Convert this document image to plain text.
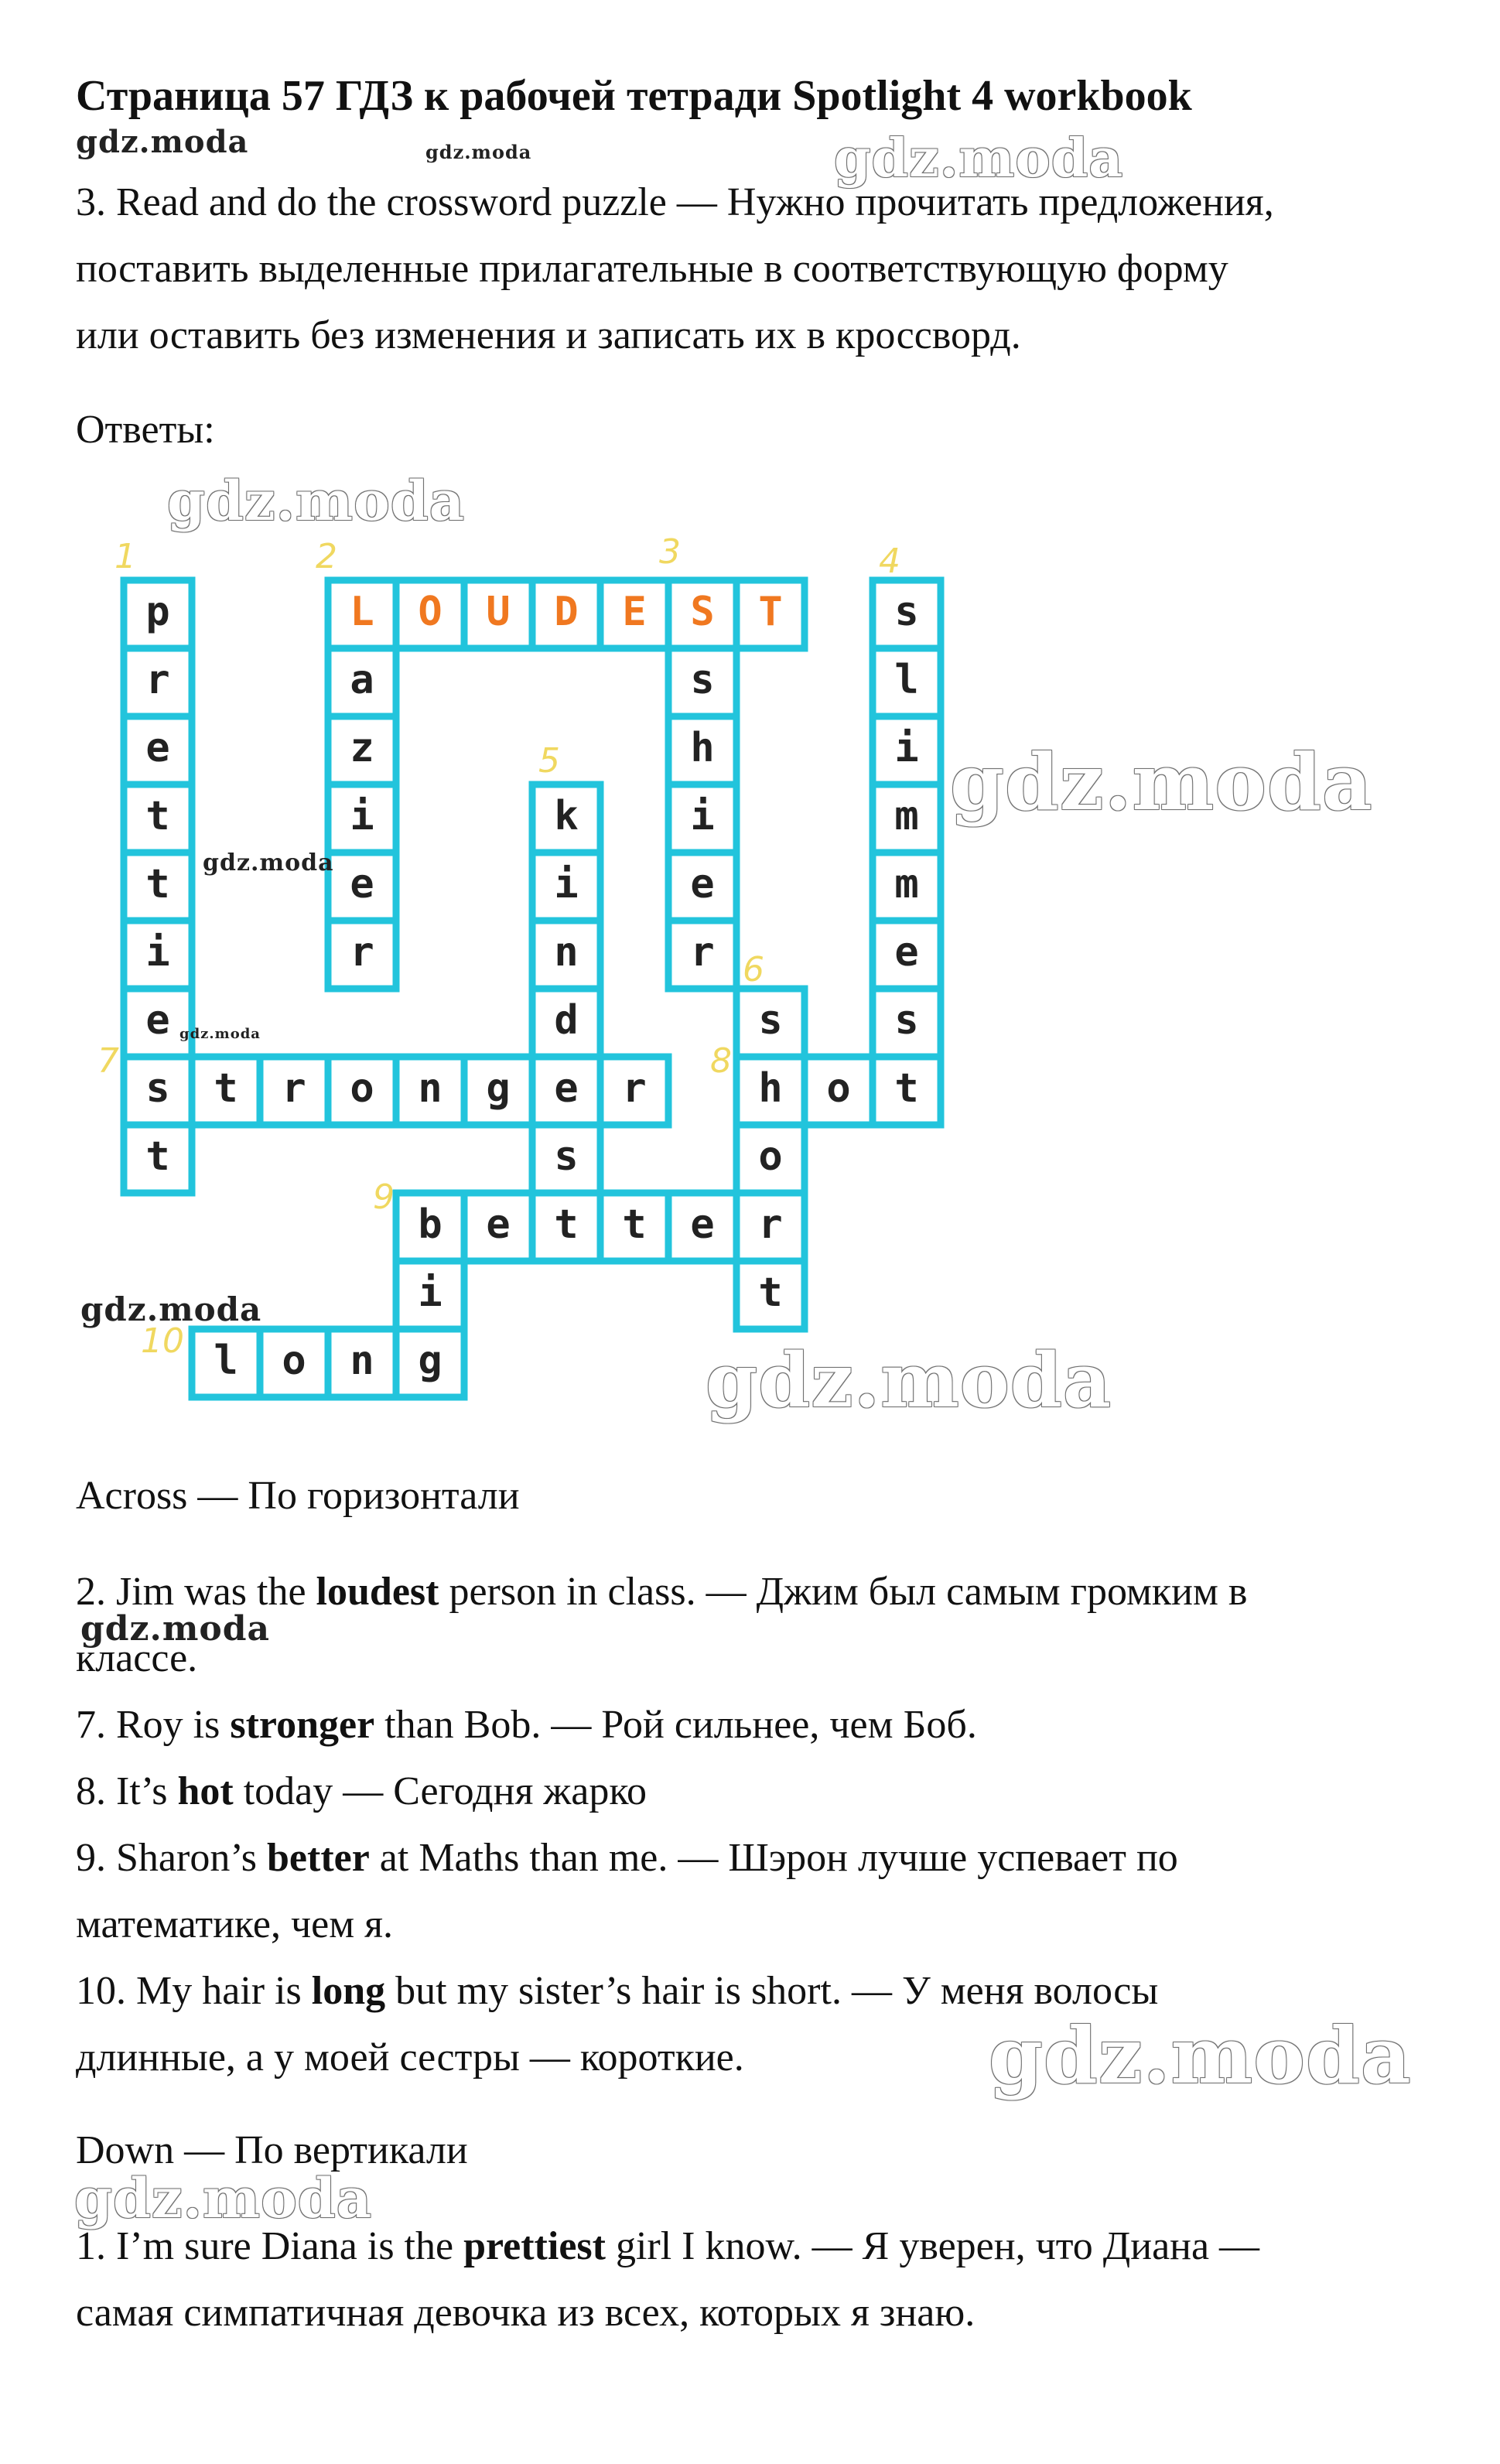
Страница 57 ГДЗ к рабочей тетради Spotlight 4 workbook
3. Read and do the crossword puzzle — Нужно прочитать предложения,
поставить выделенные прилагательные в соответствующую форму
или оставить без изменения и записать их в кроссворд.
Ответы:
p
r
e
t
t
i
e
s
t
L O U D E S T
a
z
i
e
r
s
h
i
e
r
s
l
i
m
m
e
s
t
k
i
n
d
e
s
t
t r o n g	r	h o
s
o
r
t
b e	t e
i
l o n g
1	2	3	4
5
6
7	8
9
10
gdz.moda	gdz.moda	gdz.moda
gdz.moda
gdz.moda
gdz.moda
gdz.moda
gdz.moda
gdz.moda
gdz.moda
gdz.moda
gdz.moda
Across — По горизонтали
2. Jim was the loudest person in class. — Джим был самым громким в
классе.
7. Roy is stronger than Bob. — Рой сильнее, чем Боб.
8. It’s hot today — Сегодня жарко
9. Sharon’s better at Maths than me. — Шэрон лучше успевает по
математике, чем я.
10. My hair is long but my sister’s hair is short. — У меня волосы
длинные, а у моей сестры — короткие.
Down — По вертикали
1. I’m sure Diana is the prettiest girl I know. — Я уверен, что Диана —
самая симпатичная девочка из всех, которых я знаю.
